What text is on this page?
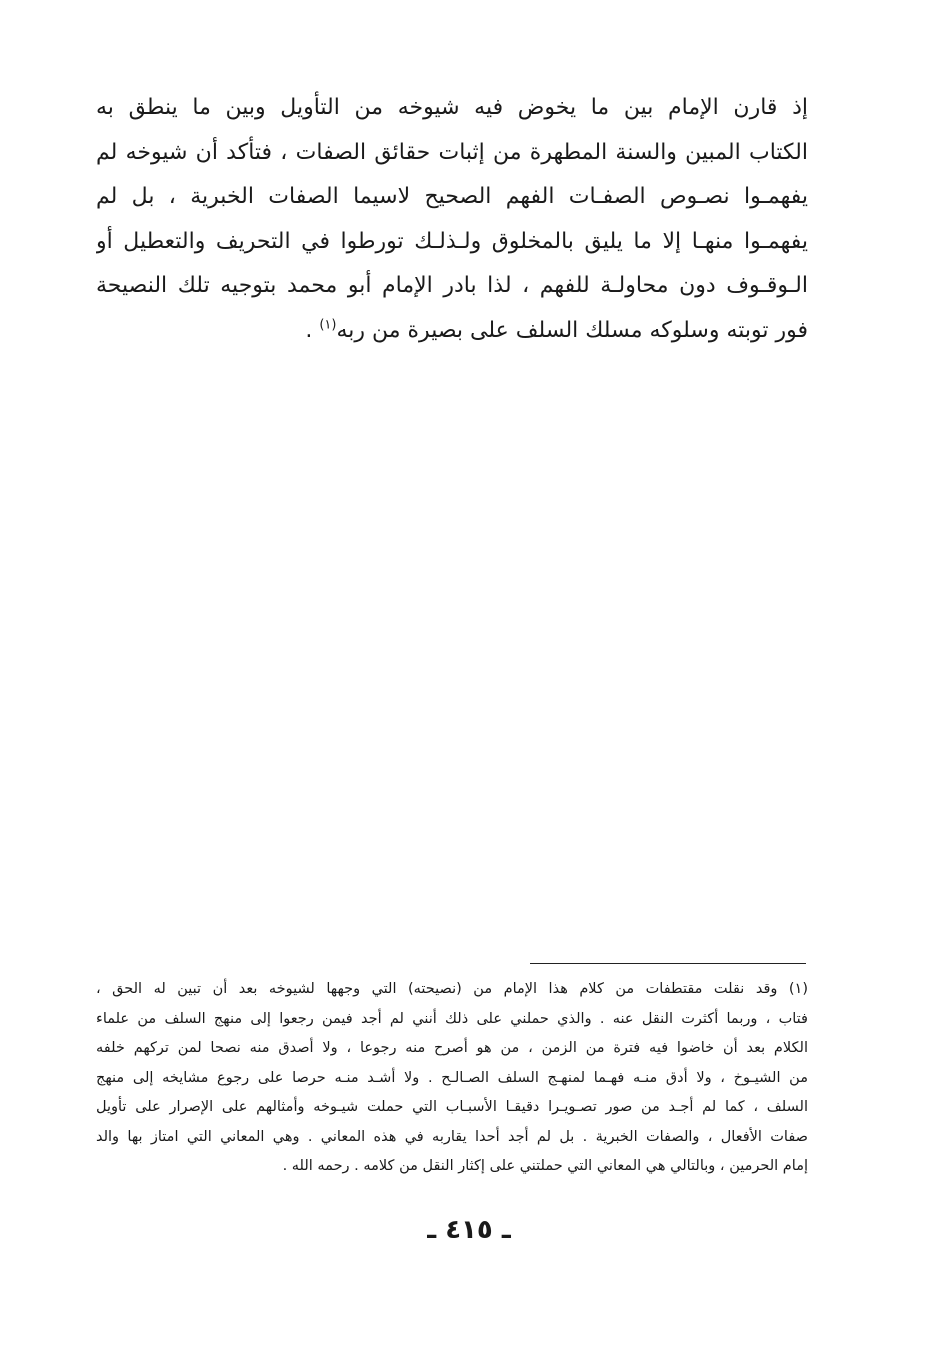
إذ قارن الإمام بين ما يخوض فيه شيوخه من التأويل وبين ما ينطق به
الكتاب المبين والسنة المطهرة من إثبات حقائق الصفات ، فتأكد أن شيوخه لم
يفهمـوا نصـوص الصفـات الفهم الصحيح لاسيما الصفات الخبرية ، بل لم
يفهمـوا منهـا إلا ما يليق بالمخلوق ولـذلـك تورطوا في التحريف والتعطيل أو
الـوقـوف دون محاولـة للفهم ، لذا بادر الإمام أبو محمد بتوجيه تلك النصيحة
فور توبته وسلوكه مسلك السلف على بصيرة من ربه$^{(١)}$ .
(١) وقد نقلت مقتطفات من كلام هذا الإمام من (نصيحته) التي وجهها لشيوخه بعد أن تبين له الحق ،
فتاب ، وربما أكثرت النقل عنه . والذي حملني على ذلك أنني لم أجد فيمن رجعوا إلى منهج السلف من علماء
الكلام بعد أن خاضوا فيه فترة من الزمن ، من هو أصرح منه رجوعا ، ولا أصدق منه نصحا لمن تركهم خلفه
من الشيـوخ ، ولا أدق منـه فهـما لمنهـج السلف الصـالـح . ولا أشـد منـه حرصا على رجوع مشايخه إلى منهج
السلف ، كما لم أجـد من صور تصـويـرا دقيقـا الأسبـاب التي حملت شيـوخه وأمثالهم على الإصرار على تأويل
صفات الأفعال ، والصفات الخبرية . بل لم أجد أحدا يقاربه في هذه المعاني . وهي المعاني التي امتاز بها والد
إمام الحرمين ، وبالتالي هي المعاني التي حملتني على إكثار النقل من كلامه . رحمه الله .
ـ ٤١٥ ـ
